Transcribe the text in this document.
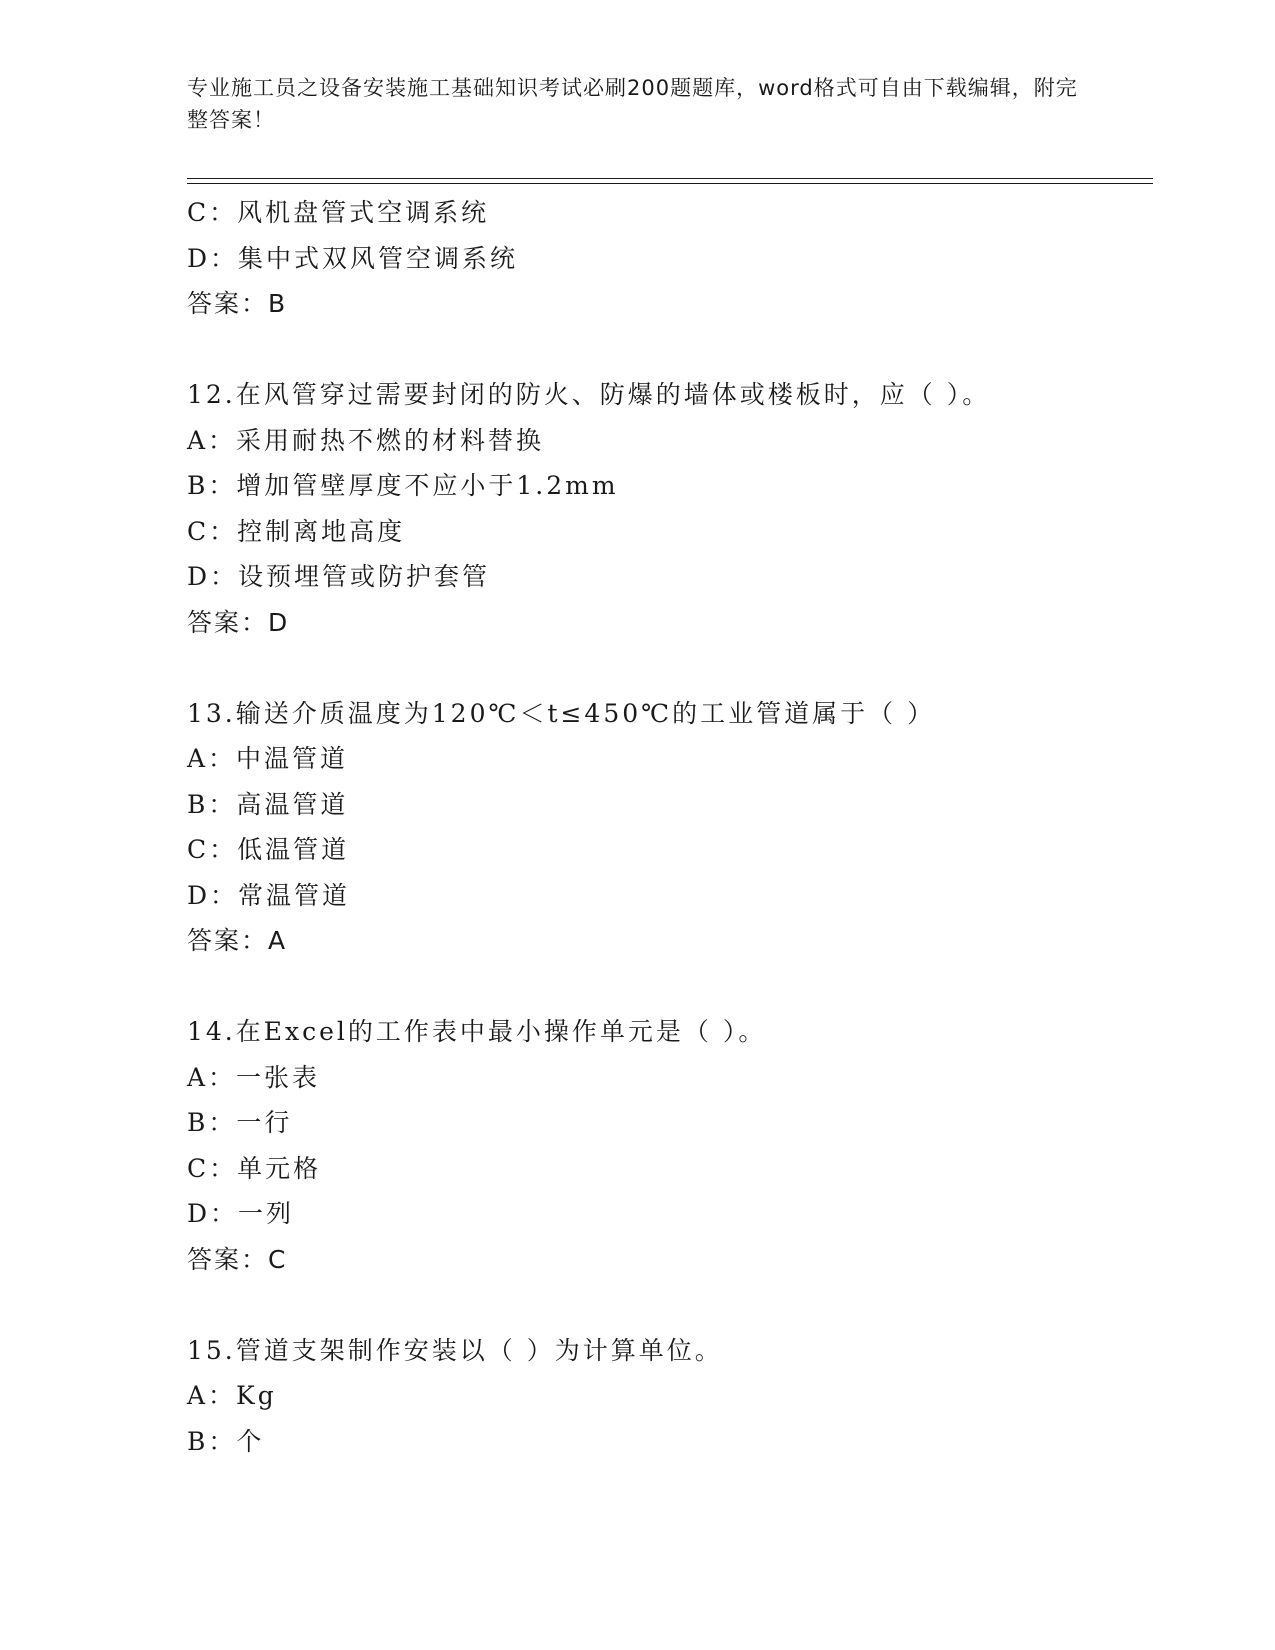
专业施工员之设备安装施工基础知识考试必刷200题题库，word格式可自由下载编辑，附完整答案！
C：风机盘管式空调系统
D：集中式双风管空调系统
答案：B
12.在风管穿过需要封闭的防火、防爆的墙体或楼板时，应（ ）。
A：采用耐热不燃的材料替换
B：增加管壁厚度不应小于1.2mm
C：控制离地高度
D：设预埋管或防护套管
答案：D
13.输送介质温度为120℃＜t≤450℃的工业管道属于（ ）
A：中温管道
B：高温管道
C：低温管道
D：常温管道
答案：A
14.在Excel的工作表中最小操作单元是（ ）。
A：一张表
B：一行
C：单元格
D：一列
答案：C
15.管道支架制作安装以（ ）为计算单位。
A：Kg
B：个
